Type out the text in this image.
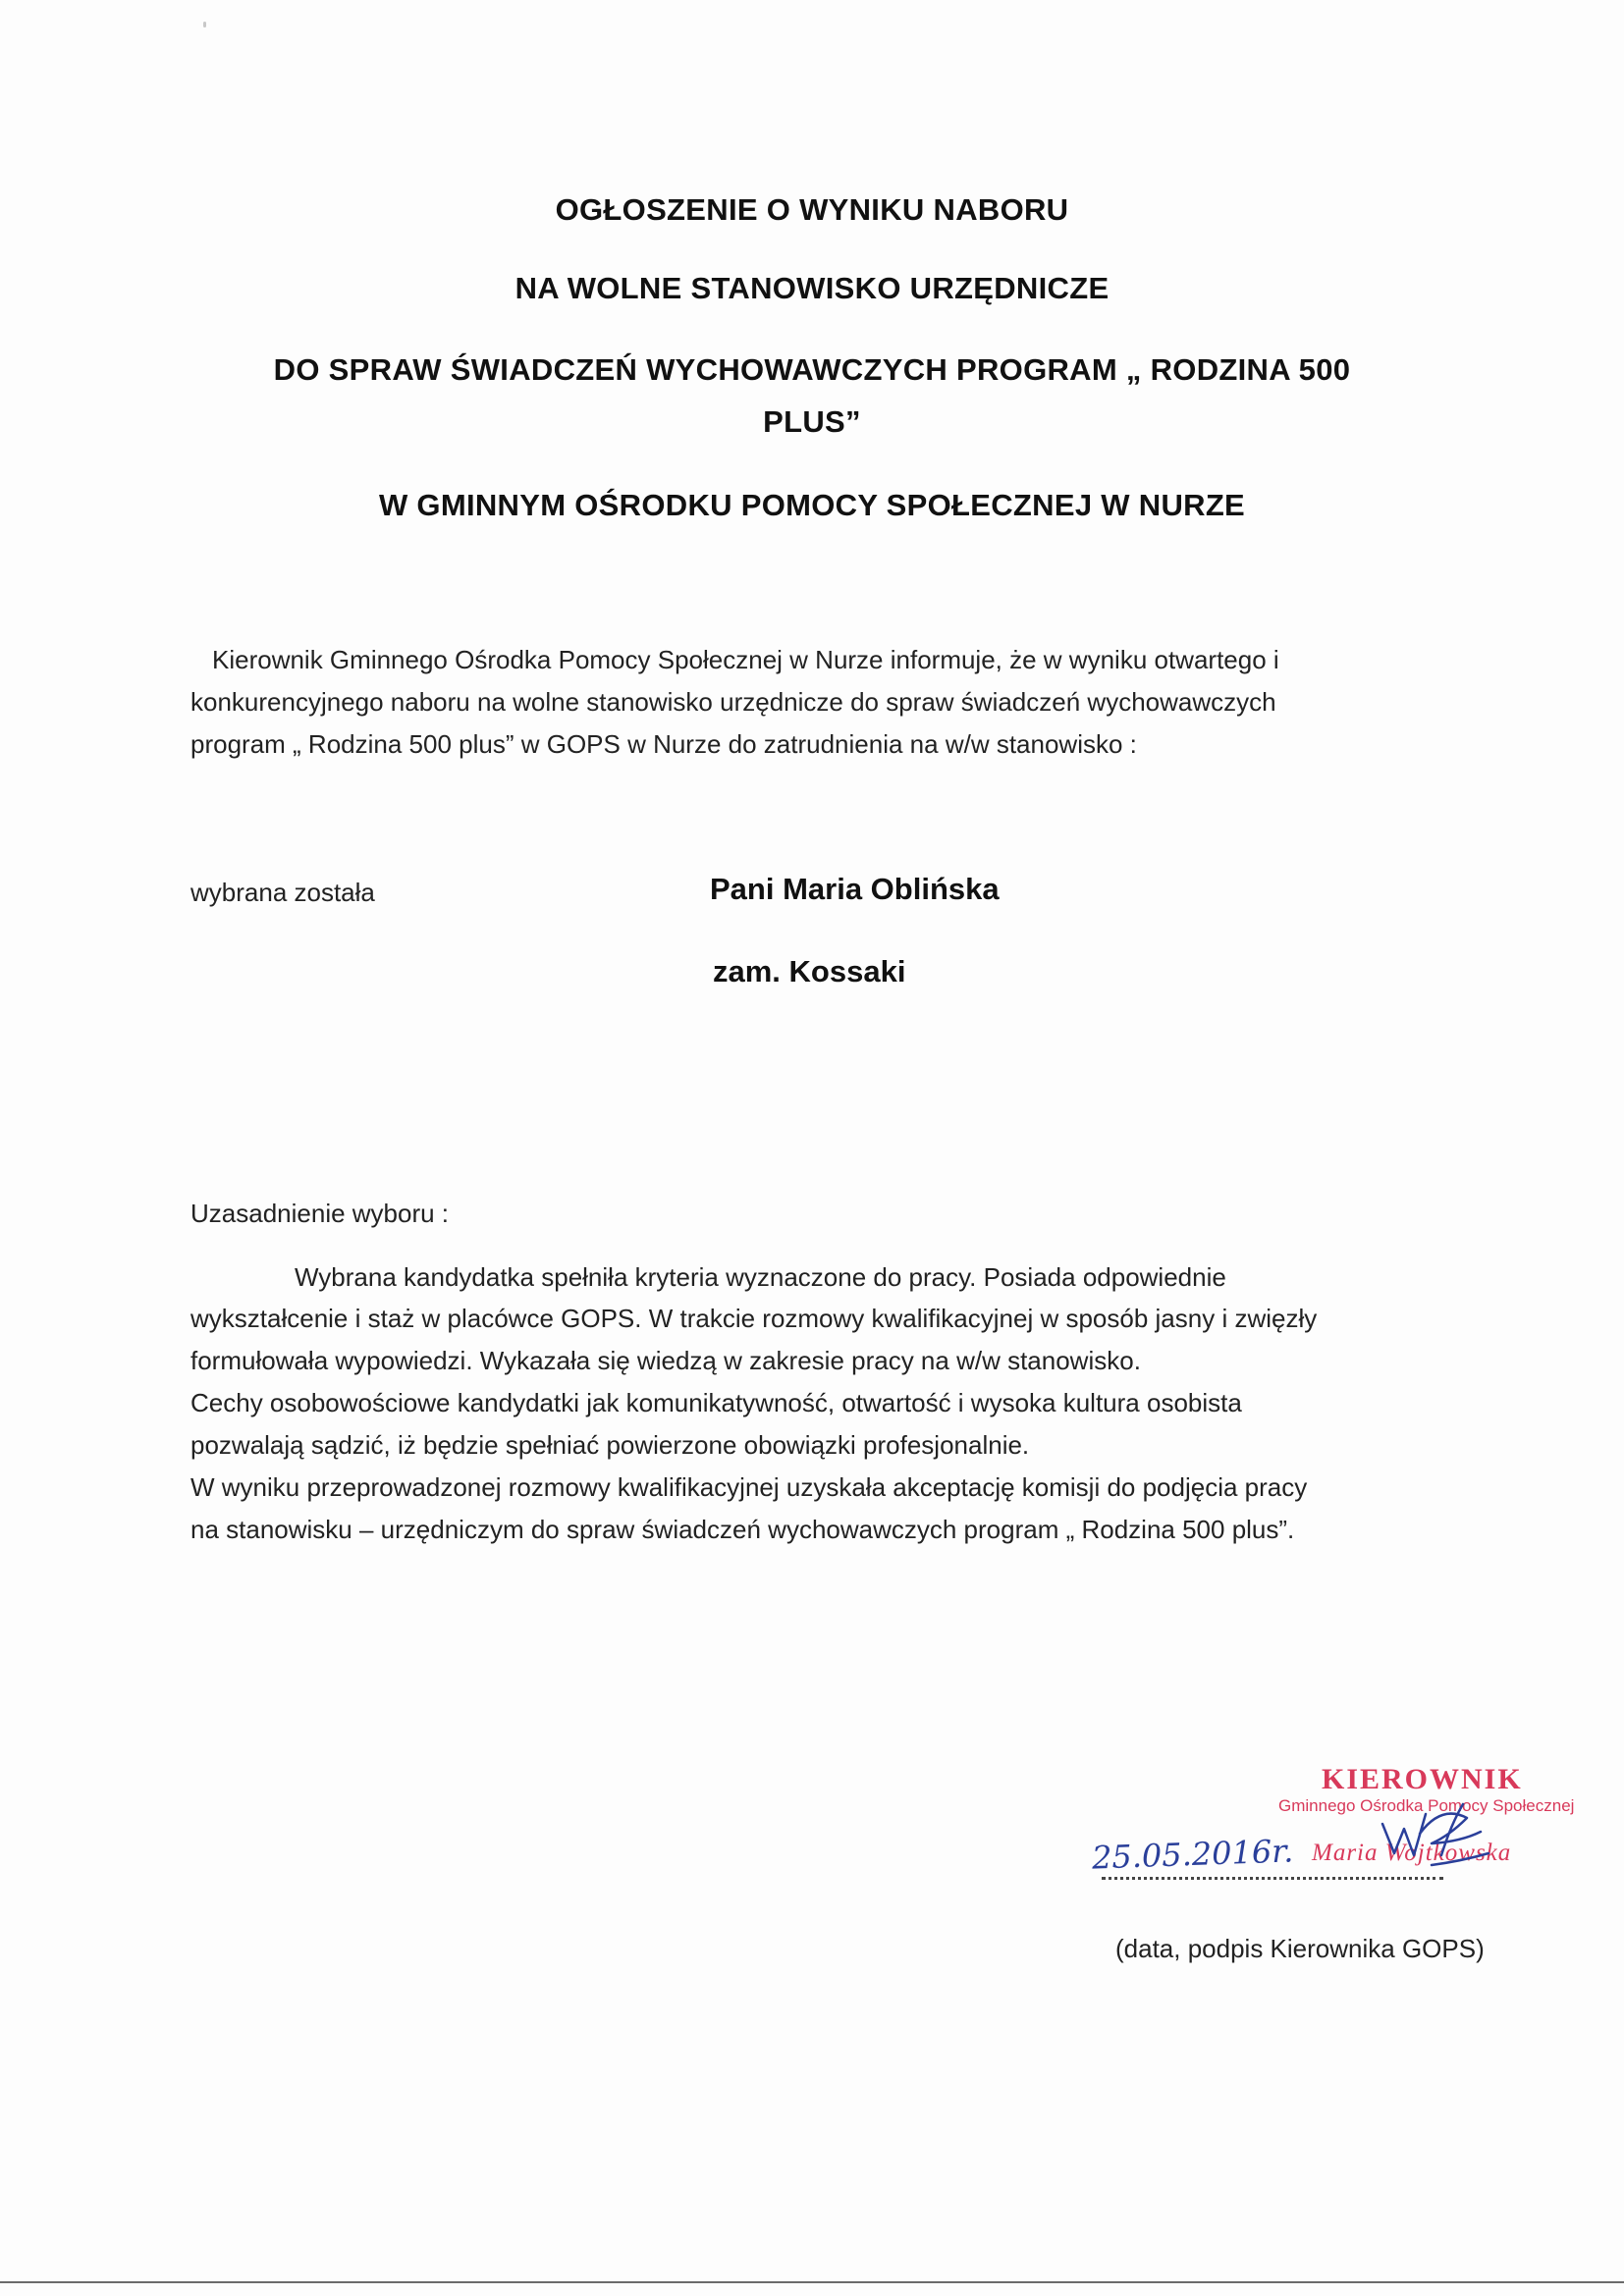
OGŁOSZENIE O WYNIKU NABORU
NA WOLNE STANOWISKO URZĘDNICZE
DO SPRAW ŚWIADCZEŃ WYCHOWAWCZYCH PROGRAM „ RODZINA 500
PLUS”
W GMINNYM OŚRODKU POMOCY SPOŁECZNEJ W NURZE
Kierownik Gminnego Ośrodka Pomocy Społecznej w Nurze informuje, że w wyniku otwartego i
konkurencyjnego naboru na wolne stanowisko urzędnicze do spraw świadczeń wychowawczych
program „ Rodzina 500 plus” w GOPS w Nurze do zatrudnienia na w/w stanowisko :
wybrana została	Pani Maria Oblińska
zam. Kossaki
Uzasadnienie wyboru :
Wybrana kandydatka spełniła kryteria wyznaczone do pracy. Posiada odpowiednie
wykształcenie i staż w placówce GOPS. W trakcie rozmowy kwalifikacyjnej w sposób jasny i zwięzły
formułowała wypowiedzi. Wykazała się wiedzą w zakresie pracy na w/w stanowisko.
Cechy osobowościowe kandydatki jak komunikatywność, otwartość i wysoka kultura osobista
pozwalają sądzić, iż będzie spełniać powierzone obowiązki profesjonalnie.
W wyniku przeprowadzonej rozmowy kwalifikacyjnej uzyskała akceptację komisji do podjęcia pracy
na stanowisku – urzędniczym do spraw świadczeń wychowawczych program „ Rodzina 500 plus”.
KIEROWNIK
Gminnego Ośrodka Pomocy Społecznej
Maria Wojtkowska
25.05.2016r.
(data, podpis Kierownika GOPS)
